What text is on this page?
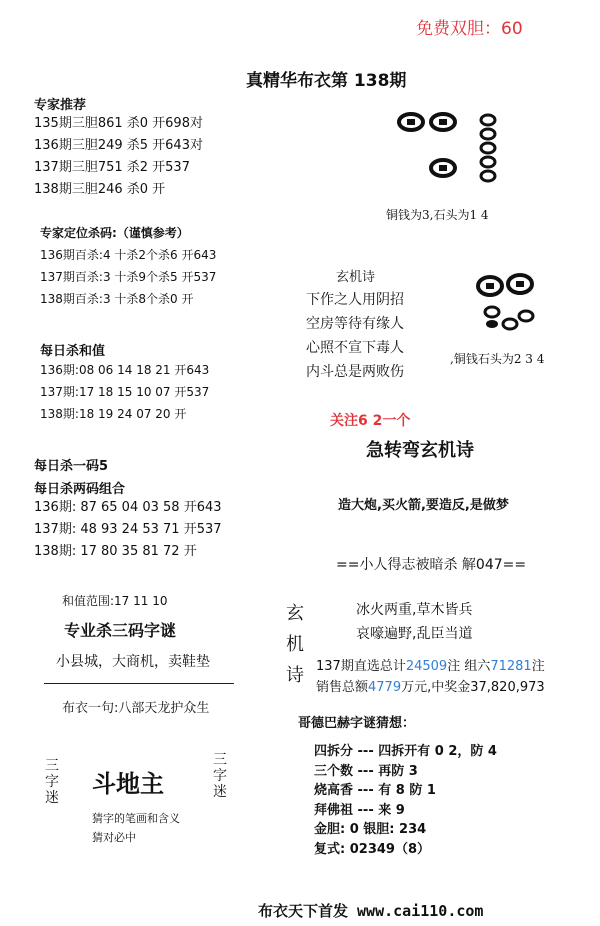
免费双胆：60
真精华布衣第 138期
专家推荐
135期三胆861 杀0 开698对
136期三胆249 杀5 开643对
137期三胆751 杀2 开537
138期三胆246 杀0 开
专家定位杀码:（谨慎参考）
136期百杀:4 十杀2个杀6 开643
137期百杀:3 十杀9个杀5 开537
138期百杀:3 十杀8个杀0 开
每日杀和值
136期:08 06 14 18 21 开643
137期:17 18 15 10 07 开537
138期:18 19 24 07 20 开
每日杀一码5
每日杀两码组合
136期: 87 65 04 03 58 开643
137期: 48 93 24 53 71 开537
138期: 17 80 35 81 72 开
和值范围:17 11 10
专业杀三码字谜
小县城，大商机，卖鞋垫
布衣一句:八部天龙护众生
三字迷 斗地主
三字迷
猜字的笔画和含义
猜对必中
铜钱为3,石头为1 4
玄机诗
下作之人用阴招
空房等待有缘人
心照不宣下毒人
内斗总是两败伤
,铜钱石头为2 3 4
关注6 2一个
急转弯玄机诗
造大炮,买火箭,要造反,是做梦
==小人得志被暗杀 解047==
玄
机
诗
冰火两重,草木皆兵
哀嚎遍野,乱臣当道
137期直选总计24509注 组六71281注
销售总额4779万元,中奖金37,820,973
哥德巴赫字谜猜想：
四拆分 --- 四拆开有 0 2，防 4
三个数 --- 再防 3
烧高香 --- 有 8 防 1
拜佛祖 --- 来 9
金胆: 0 银胆: 234
复式: 02349（8）
布衣天下首发 www.cai110.com
